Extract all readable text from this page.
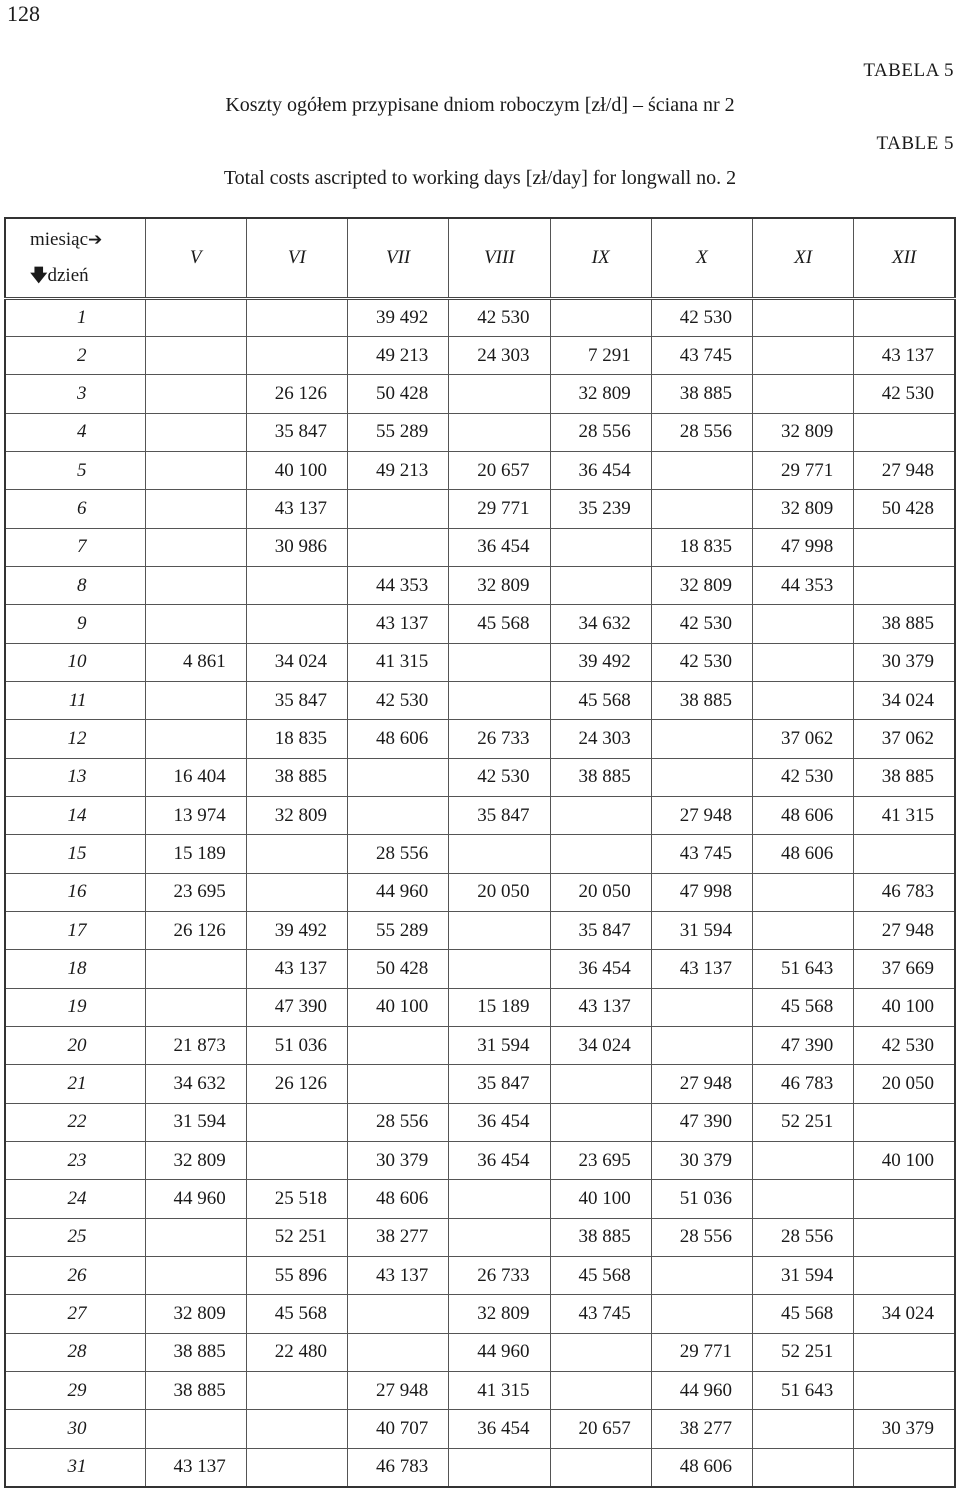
128
TABELA 5
TABLE 5
Koszty ogółem przypisane dniom roboczym [zł/d] – ściana nr 2
Total costs ascripted to working days [zł/day] for longwall no. 2
miesiąc➔
🡇dzień	V	VI	VII	VIII	IX	X	XI	XII
1			39 492	42 530		42 530		
2			49 213	24 303	7 291	43 745		43 137
3		26 126	50 428		32 809	38 885		42 530
4		35 847	55 289		28 556	28 556	32 809	
5		40 100	49 213	20 657	36 454		29 771	27 948
6		43 137		29 771	35 239		32 809	50 428
7		30 986		36 454		18 835	47 998	
8			44 353	32 809		32 809	44 353	
9			43 137	45 568	34 632	42 530		38 885
10	4 861	34 024	41 315		39 492	42 530		30 379
11		35 847	42 530		45 568	38 885		34 024
12		18 835	48 606	26 733	24 303		37 062	37 062
13	16 404	38 885		42 530	38 885		42 530	38 885
14	13 974	32 809		35 847		27 948	48 606	41 315
15	15 189		28 556			43 745	48 606	
16	23 695		44 960	20 050	20 050	47 998		46 783
17	26 126	39 492	55 289		35 847	31 594		27 948
18		43 137	50 428		36 454	43 137	51 643	37 669
19		47 390	40 100	15 189	43 137		45 568	40 100
20	21 873	51 036		31 594	34 024		47 390	42 530
21	34 632	26 126		35 847		27 948	46 783	20 050
22	31 594		28 556	36 454		47 390	52 251	
23	32 809		30 379	36 454	23 695	30 379		40 100
24	44 960	25 518	48 606		40 100	51 036		
25		52 251	38 277		38 885	28 556	28 556	
26		55 896	43 137	26 733	45 568		31 594	
27	32 809	45 568		32 809	43 745		45 568	34 024
28	38 885	22 480		44 960		29 771	52 251	
29	38 885		27 948	41 315		44 960	51 643	
30			40 707	36 454	20 657	38 277		30 379
31	43 137		46 783			48 606		
